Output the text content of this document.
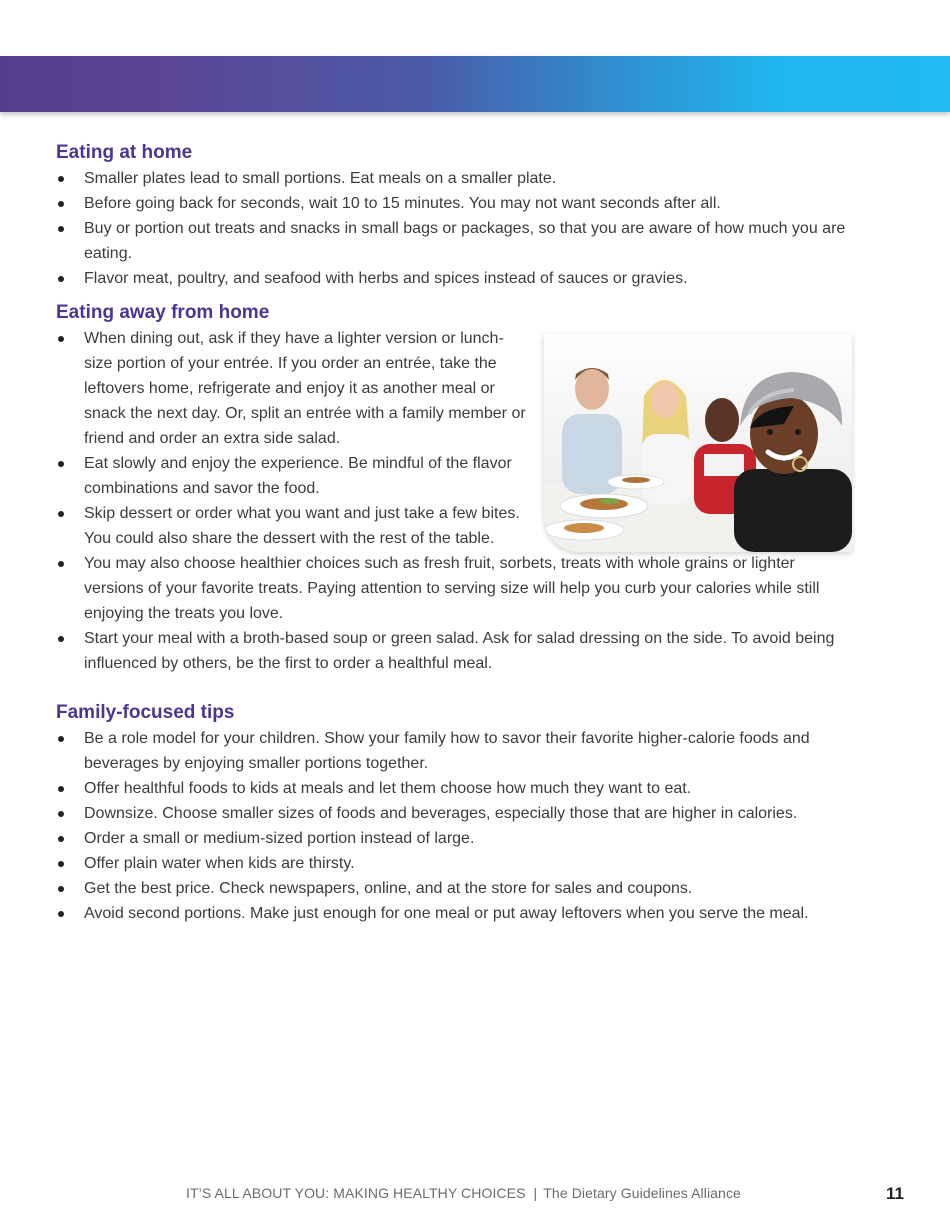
Eating at home
Smaller plates lead to small portions. Eat meals on a smaller plate.
Before going back for seconds, wait 10 to 15 minutes. You may not want seconds after all.
Buy or portion out treats and snacks in small bags or packages, so that you are aware of how much you are eating.
Flavor meat, poultry, and seafood with herbs and spices instead of sauces or gravies.
Eating away from home
When dining out, ask if they have a lighter version or lunch-size portion of your entrée. If you order an entrée, take the leftovers home, refrigerate and enjoy it as another meal or snack the next day. Or, split an entrée with a family member or friend and order an extra side salad.
Eat slowly and enjoy the experience. Be mindful of the flavor combinations and savor the food.
Skip dessert or order what you want and just take a few bites. You could also share the dessert with the rest of the table.
You may also choose healthier choices such as fresh fruit, sorbets, treats with whole grains or lighter versions of your favorite treats. Paying attention to serving size will help you curb your calories while still enjoying the treats you love.
Start your meal with a broth-based soup or green salad. Ask for salad dressing on the side. To avoid being influenced by others, be the first to order a healthful meal.
Family-focused tips
Be a role model for your children. Show your family how to savor their favorite higher-calorie foods and beverages by enjoying smaller portions together.
Offer healthful foods to kids at meals and let them choose how much they want to eat.
Downsize. Choose smaller sizes of foods and beverages, especially those that are higher in calories.
Order a small or medium-sized portion instead of large.
Offer plain water when kids are thirsty.
Get the best price. Check newspapers, online, and at the store for sales and coupons.
Avoid second portions. Make just enough for one meal or put away leftovers when you serve the meal.
IT’S ALL ABOUT YOU: MAKING HEALTHY CHOICES | The Dietary Guidelines Alliance	11
